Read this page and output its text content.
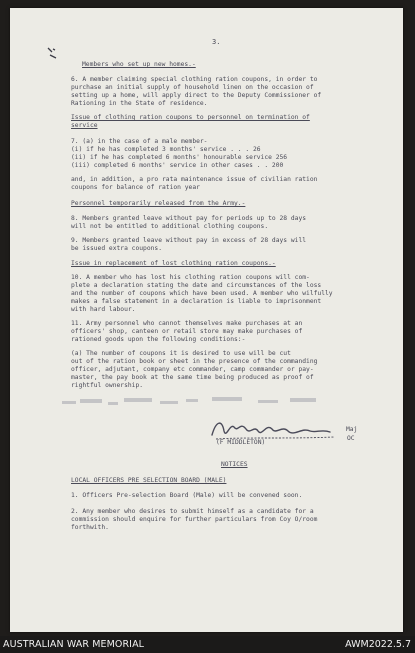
3.
Members who set up new homes.-
6. A member claiming special clothing ration coupons, in order to
purchase an initial supply of household linen on the occasion of
setting up a home, will apply direct to the Deputy Commissioner of
Rationing in the State of residence.
Issue of clothing ration coupons to personnel on termination of
service
7. (a) in the case of a male member-
(i) if he has completed 3 months' service . . . 26
(ii) if he has completed 6 months' honourable service 256
(iii) completed 6 months' service in other cases . . 200
and, in addition, a pro rata maintenance issue of civilian ration
coupons for balance of ration year
Personnel temporarily released from the Army.-
8. Members granted leave without pay for periods up to 28 days
will not be entitled to additional clothing coupons.
9. Members granted leave without pay in excess of 28 days will
be issued extra coupons.
Issue in replacement of lost clothing ration coupons.-
10. A member who has lost his clothing ration coupons will com-
plete a declaration stating the date and circumstances of the loss
and the number of coupons which have been used. A member who wilfully
makes a false statement in a declaration is liable to imprisonment
with hard labour.
11. Army personnel who cannot themselves make purchases at an
officers' shop, canteen or retail store may make purchases of
rationed goods upon the following conditions:-
(a) The number of coupons it is desired to use will be cut
out of the ration book or sheet in the presence of the commanding
officer, adjutant, company etc commander, camp commander or pay-
master, the pay book at the same time being produced as proof of
rightful ownership.
Maj
OC
(F MIDDLETON)
NOTICES
LOCAL OFFICERS PRE SELECTION BOARD (MALE)
1. Officers Pre-selection Board (Male) will be convened soon.
2. Any member who desires to submit himself as a candidate for a
commission should enquire for further particulars from Coy O/room
forthwith.
AUSTRALIAN WAR MEMORIAL	AWM2022.5.7
